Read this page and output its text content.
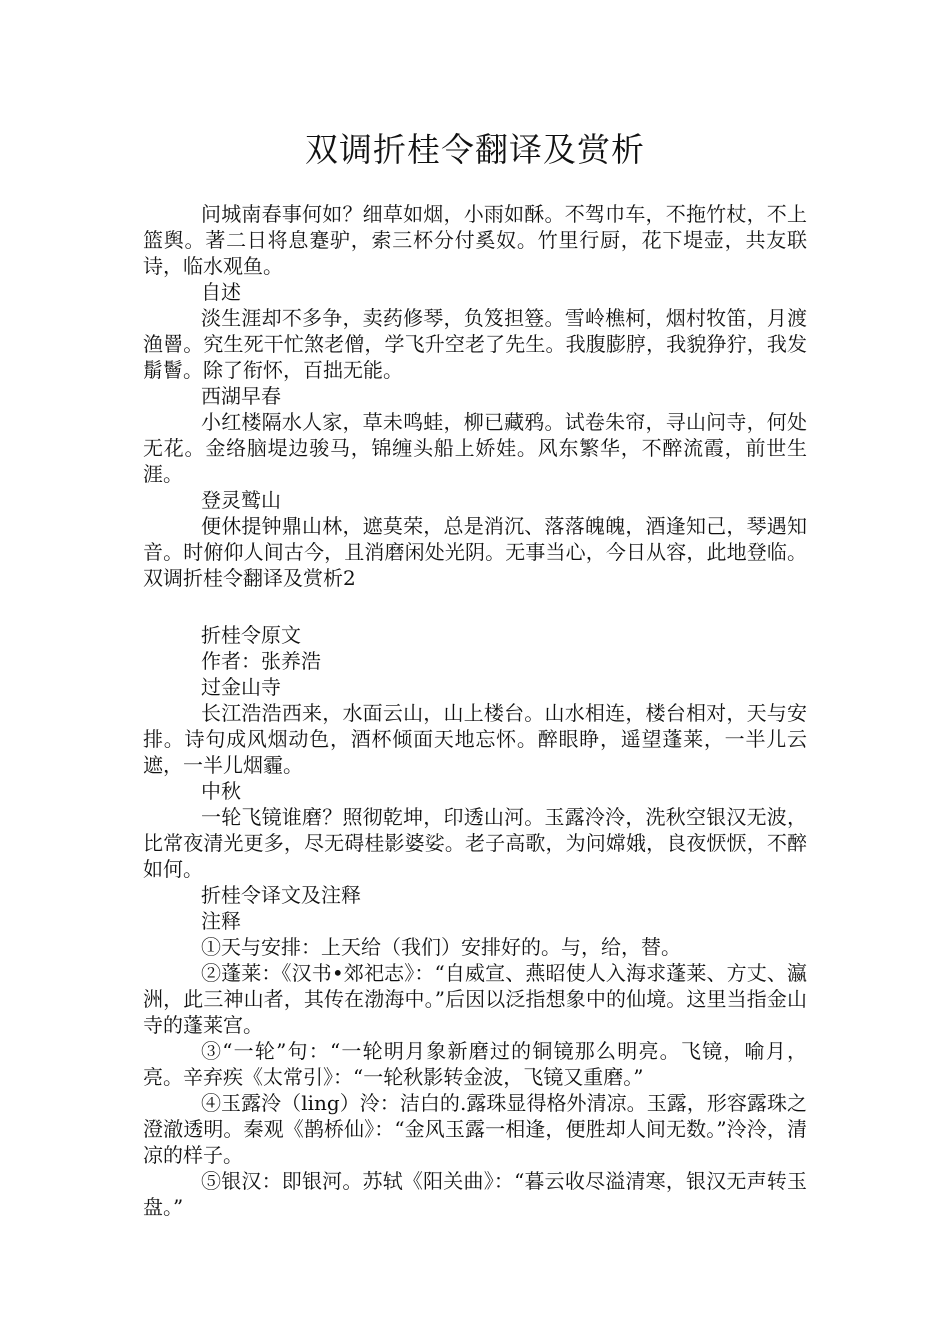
双调折桂令翻译及赏析

问城南春事何如？细草如烟，小雨如酥。不驾巾车，不拖竹杖，不上篮舆。著二日将息蹇驴，索三杯分付奚奴。竹里行厨，花下堤壶，共友联诗，临水观鱼。

自述

淡生涯却不多争，卖药修琴，负笈担簦。雪岭樵柯，烟村牧笛，月渡渔罾。究生死干忙煞老僧，学飞升空老了先生。我腹膨脝，我貌狰狞，我发鬅鬙。除了衔怀，百拙无能。

西湖早春

小红楼隔水人家，草未鸣蛙，柳已藏鸦。试卷朱帘，寻山问寺，何处无花。金络脑堤边骏马，锦缠头船上娇娃。风东繁华，不醉流霞，前世生涯。

登灵鹫山

便休提钟鼎山林，遮莫荣，总是消沉、落落魄魄，酒逢知己，琴遇知音。时俯仰人间古今，且消磨闲处光阴。无事当心，今日从容，此地登临。双调折桂令翻译及赏析2

折桂令原文

作者：张养浩

过金山寺

长江浩浩西来，水面云山，山上楼台。山水相连，楼台相对，天与安排。诗句成风烟动色，酒杯倾面天地忘怀。醉眼睁，遥望蓬莱，一半儿云遮，一半儿烟霾。

中秋

一轮飞镜谁磨？照彻乾坤，印透山河。玉露泠泠，洗秋空银汉无波，比常夜清光更多，尽无碍桂影婆娑。老子高歌，为问嫦娥，良夜恹恹，不醉如何。

折桂令译文及注释

注释

①天与安排：上天给（我们）安排好的。与，给，替。

②蓬莱：《汉书•郊祀志》：“自威宣、燕昭使人入海求蓬莱、方丈、瀛洲，此三神山者，其传在渤海中。”后因以泛指想象中的仙境。这里当指金山寺的蓬莱宫。

③“一轮”句：“一轮明月象新磨过的铜镜那么明亮。飞镜，喻月，亮。辛弃疾《太常引》：“一轮秋影转金波，飞镜又重磨。”

④玉露泠（ling）泠：洁白的.露珠显得格外清凉。玉露，形容露珠之澄澈透明。秦观《鹊桥仙》：“金风玉露一相逢，便胜却人间无数。”泠泠，清凉的样子。

⑤银汉：即银河。苏轼《阳关曲》：“暮云收尽溢清寒，银汉无声转玉盘。”
